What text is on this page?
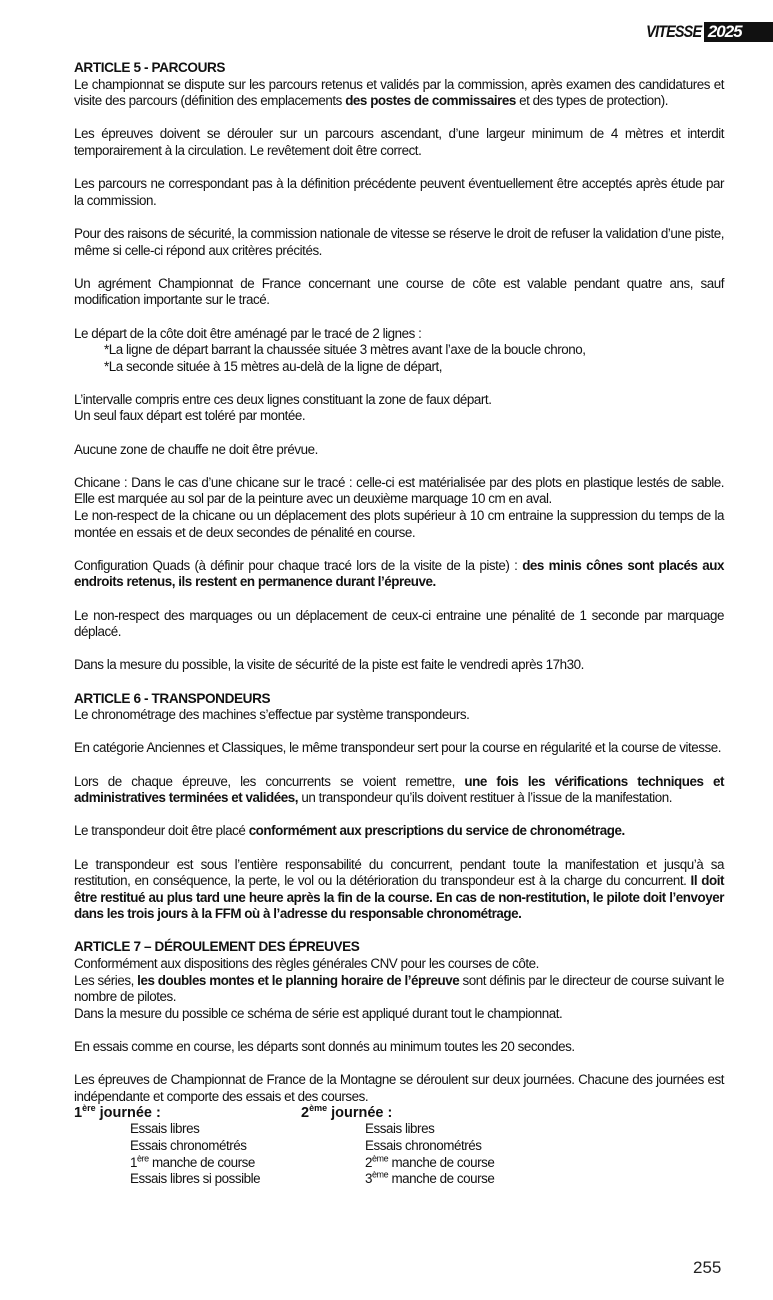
VITESSE 2025
ARTICLE 5 - PARCOURS

Le championnat se dispute sur les parcours retenus et validés par la commission, après examen des candidatures et visite des parcours (définition des emplacements des postes de commissaires et des types de protection).

Les épreuves doivent se dérouler sur un parcours ascendant, d’une largeur minimum de 4 mètres et interdit temporairement à la circulation. Le revêtement doit être correct.

Les parcours ne correspondant pas à la définition précédente peuvent éventuellement être acceptés après étude par la commission.

Pour des raisons de sécurité, la commission nationale de vitesse se réserve le droit de refuser la validation d’une piste, même si celle-ci répond aux critères précités.

Un agrément Championnat de France concernant une course de côte est valable pendant quatre ans, sauf modification importante sur le tracé.

Le départ de la côte doit être aménagé par le tracé de 2 lignes :

*La ligne de départ barrant la chaussée située 3 mètres avant l’axe de la boucle chrono,

*La seconde située à 15 mètres au-delà de la ligne de départ,

L’intervalle compris entre ces deux lignes constituant la zone de faux départ.

Un seul faux départ est toléré par montée.

Aucune zone de chauffe ne doit être prévue.

Chicane : Dans le cas d’une chicane sur le tracé : celle-ci est matérialisée par des plots en plastique lestés de sable. Elle est marquée au sol par de la peinture avec un deuxième marquage 10 cm en aval.

Le non-respect de la chicane ou un déplacement des plots supérieur à 10 cm entraine la suppression du temps de la montée en essais et de deux secondes de pénalité en course.

Configuration Quads (à définir pour chaque tracé lors de la visite de la piste) : des minis cônes sont placés aux endroits retenus, ils restent en permanence durant l’épreuve.

Le non-respect des marquages ou un déplacement de ceux-ci entraine une pénalité de 1 seconde par marquage déplacé.

Dans la mesure du possible, la visite de sécurité de la piste est faite le vendredi après 17h30.

ARTICLE 6 - TRANSPONDEURS

Le chronométrage des machines s’effectue par système transpondeurs.

En catégorie Anciennes et Classiques, le même transpondeur sert pour la course en régularité et la course de vitesse.

Lors de chaque épreuve, les concurrents se voient remettre, une fois les vérifications techniques et administratives terminées et validées, un transpondeur qu’ils doivent restituer à l’issue de la manifestation.

Le transpondeur doit être placé conformément aux prescriptions du service de chronométrage.

Le transpondeur est sous l’entière responsabilité du concurrent, pendant toute la manifestation et jusqu’à sa restitution, en conséquence, la perte, le vol ou la détérioration du transpondeur est à la charge du concurrent. Il doit être restitué au plus tard une heure après la fin de la course. En cas de non-restitution, le pilote doit l’envoyer dans les trois jours à la FFM où à l’adresse du responsable chronométrage.

ARTICLE 7 – DÉROULEMENT DES ÉPREUVES

Conformément aux dispositions des règles générales CNV pour les courses de côte.

Les séries, les doubles montes et le planning horaire de l’épreuve sont définis par le directeur de course suivant le nombre de pilotes.

Dans la mesure du possible ce schéma de série est appliqué durant tout le championnat.

En essais comme en course, les départs sont donnés au minimum toutes les 20 secondes.

Les épreuves de Championnat de France de la Montagne se déroulent sur deux journées. Chacune des journées est indépendante et comporte des essais et des courses.

1ère journée :
Essais libres
Essais chronométrés
1ère manche de course
Essais libres si possible
2ème journée :
Essais libres
Essais chronométrés
2ème manche de course
3ème manche de course
255
